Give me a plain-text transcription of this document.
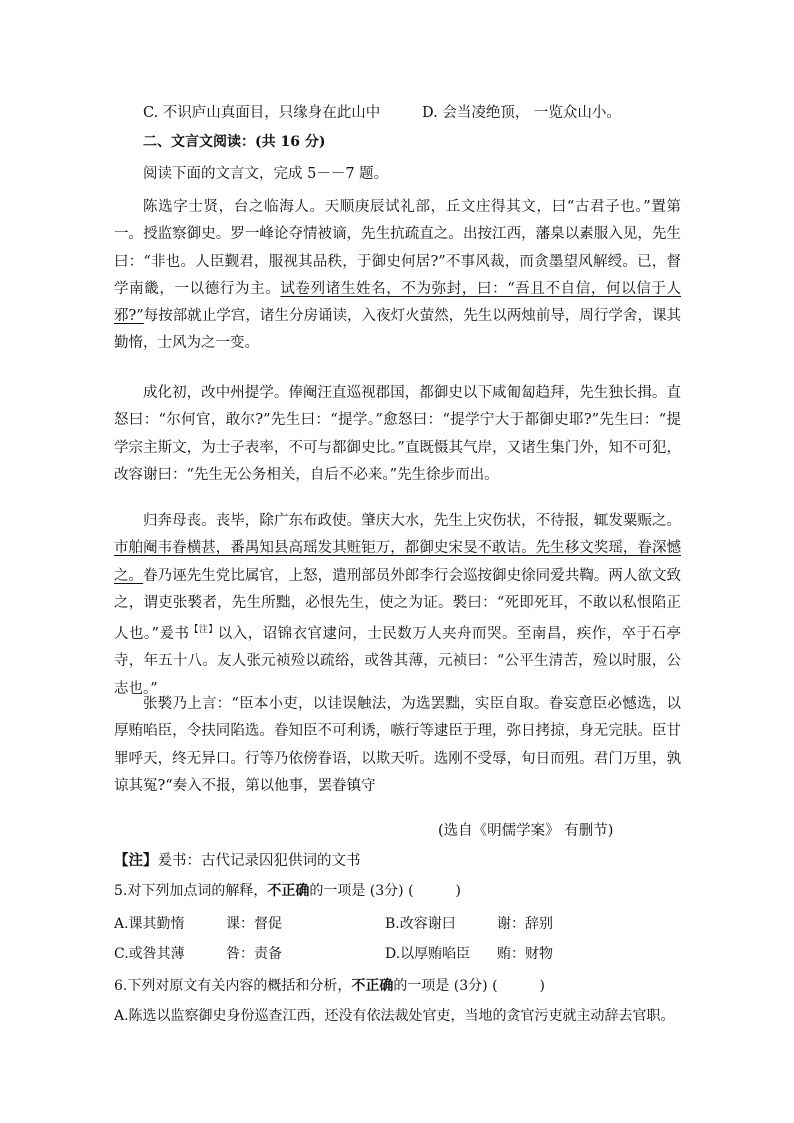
C. 不识庐山真面目，只缘身在此山中	D. 会当凌绝顶， 一览众山小。
二、文言文阅读：(共 16 分)
阅读下面的文言文，完成 5－－7 题。
陈选字士贤，台之临海人。天顺庚辰试礼部，丘文庄得其文，曰“古君子也。”置第一。授监察御史。罗一峰论夺情被谪，先生抗疏直之。出按江西，藩臬以素服入见，先生曰：“非也。人臣觐君，服视其品秩，于御史何居?”不事风裁，而贪墨望风解绶。已，督学南畿，一以德行为主。试卷列诸生姓名，不为弥封，曰：“吾且不自信，何以信于人邪?”每按部就止学宫，诸生分房诵读，入夜灯火萤然，先生以两烛前导，周行学舍，课其勤惰，士风为之一变。
成化初，改中州提学。俸阉汪直巡视郡国，都御史以下咸匍匐趋拜，先生独长揖。直怒曰：“尔何官，敢尔?”先生曰：“提学。”愈怒曰：“提学宁大于都御史耶?”先生曰：“提学宗主斯文，为士子表率，不可与都御史比。”直既慑其气岸，又诸生集门外，知不可犯，改容谢曰：“先生无公务相关，自后不必来。”先生徐步而出。
归奔母丧。丧毕，除广东布政使。肇庆大水，先生上灾伤状，不待报，辄发粟赈之。市舶阉韦眷横甚，番禺知县高瑶发其赃钜万，都御史宋旻不敢诘。先生移文奖瑶，眷深憾之。眷乃诬先生党比属官，上怒，遣刑部员外郎李行会巡按御史徐同爱共鞫。两人欲文致之，谓吏张褧者，先生所黜，必恨先生，使之为证。褧曰：“死即死耳，不敢以私恨陷正人也。”爰书$^{【注】}$以入，诏锦衣官逮问，士民数万人夹舟而哭。至南昌，疾作，卒于石亭寺，年五十八。友人张元祯殓以疏绤，或咎其薄，元祯曰：“公平生清苦，殓以时服，公志也。”
张褧乃上言：“臣本小吏，以诖误触法，为选罢黜，实臣自取。眷妄意臣必憾选，以厚贿啗臣，令扶同陷选。眷知臣不可利诱，嗾行等逮臣于理，弥日拷掠，身无完肤。臣甘罪呼天，终无异口。行等乃依傍眷语，以欺天听。选刚不受辱，旬日而殂。君门万里，孰谅其冤?“奏入不报，第以他事，罢眷镇守
(选自《明儒学案》 有删节)
【注】爰书：古代记录囚犯供词的文书
5.对下列加点词的解释，不正确的一项是 (3分) (　　　)
A.课其勤惰	课：督促	B.改容谢曰	谢：辞别
C.或咎其薄	咎：责备	D.以厚贿啗臣 贿：财物
6.下列对原文有关内容的概括和分析，不正确的一项是 (3分) (　　　)
A.陈选以监察御史身份巡查江西，还没有依法裁处官吏，当地的贪官污吏就主动辞去官职。
